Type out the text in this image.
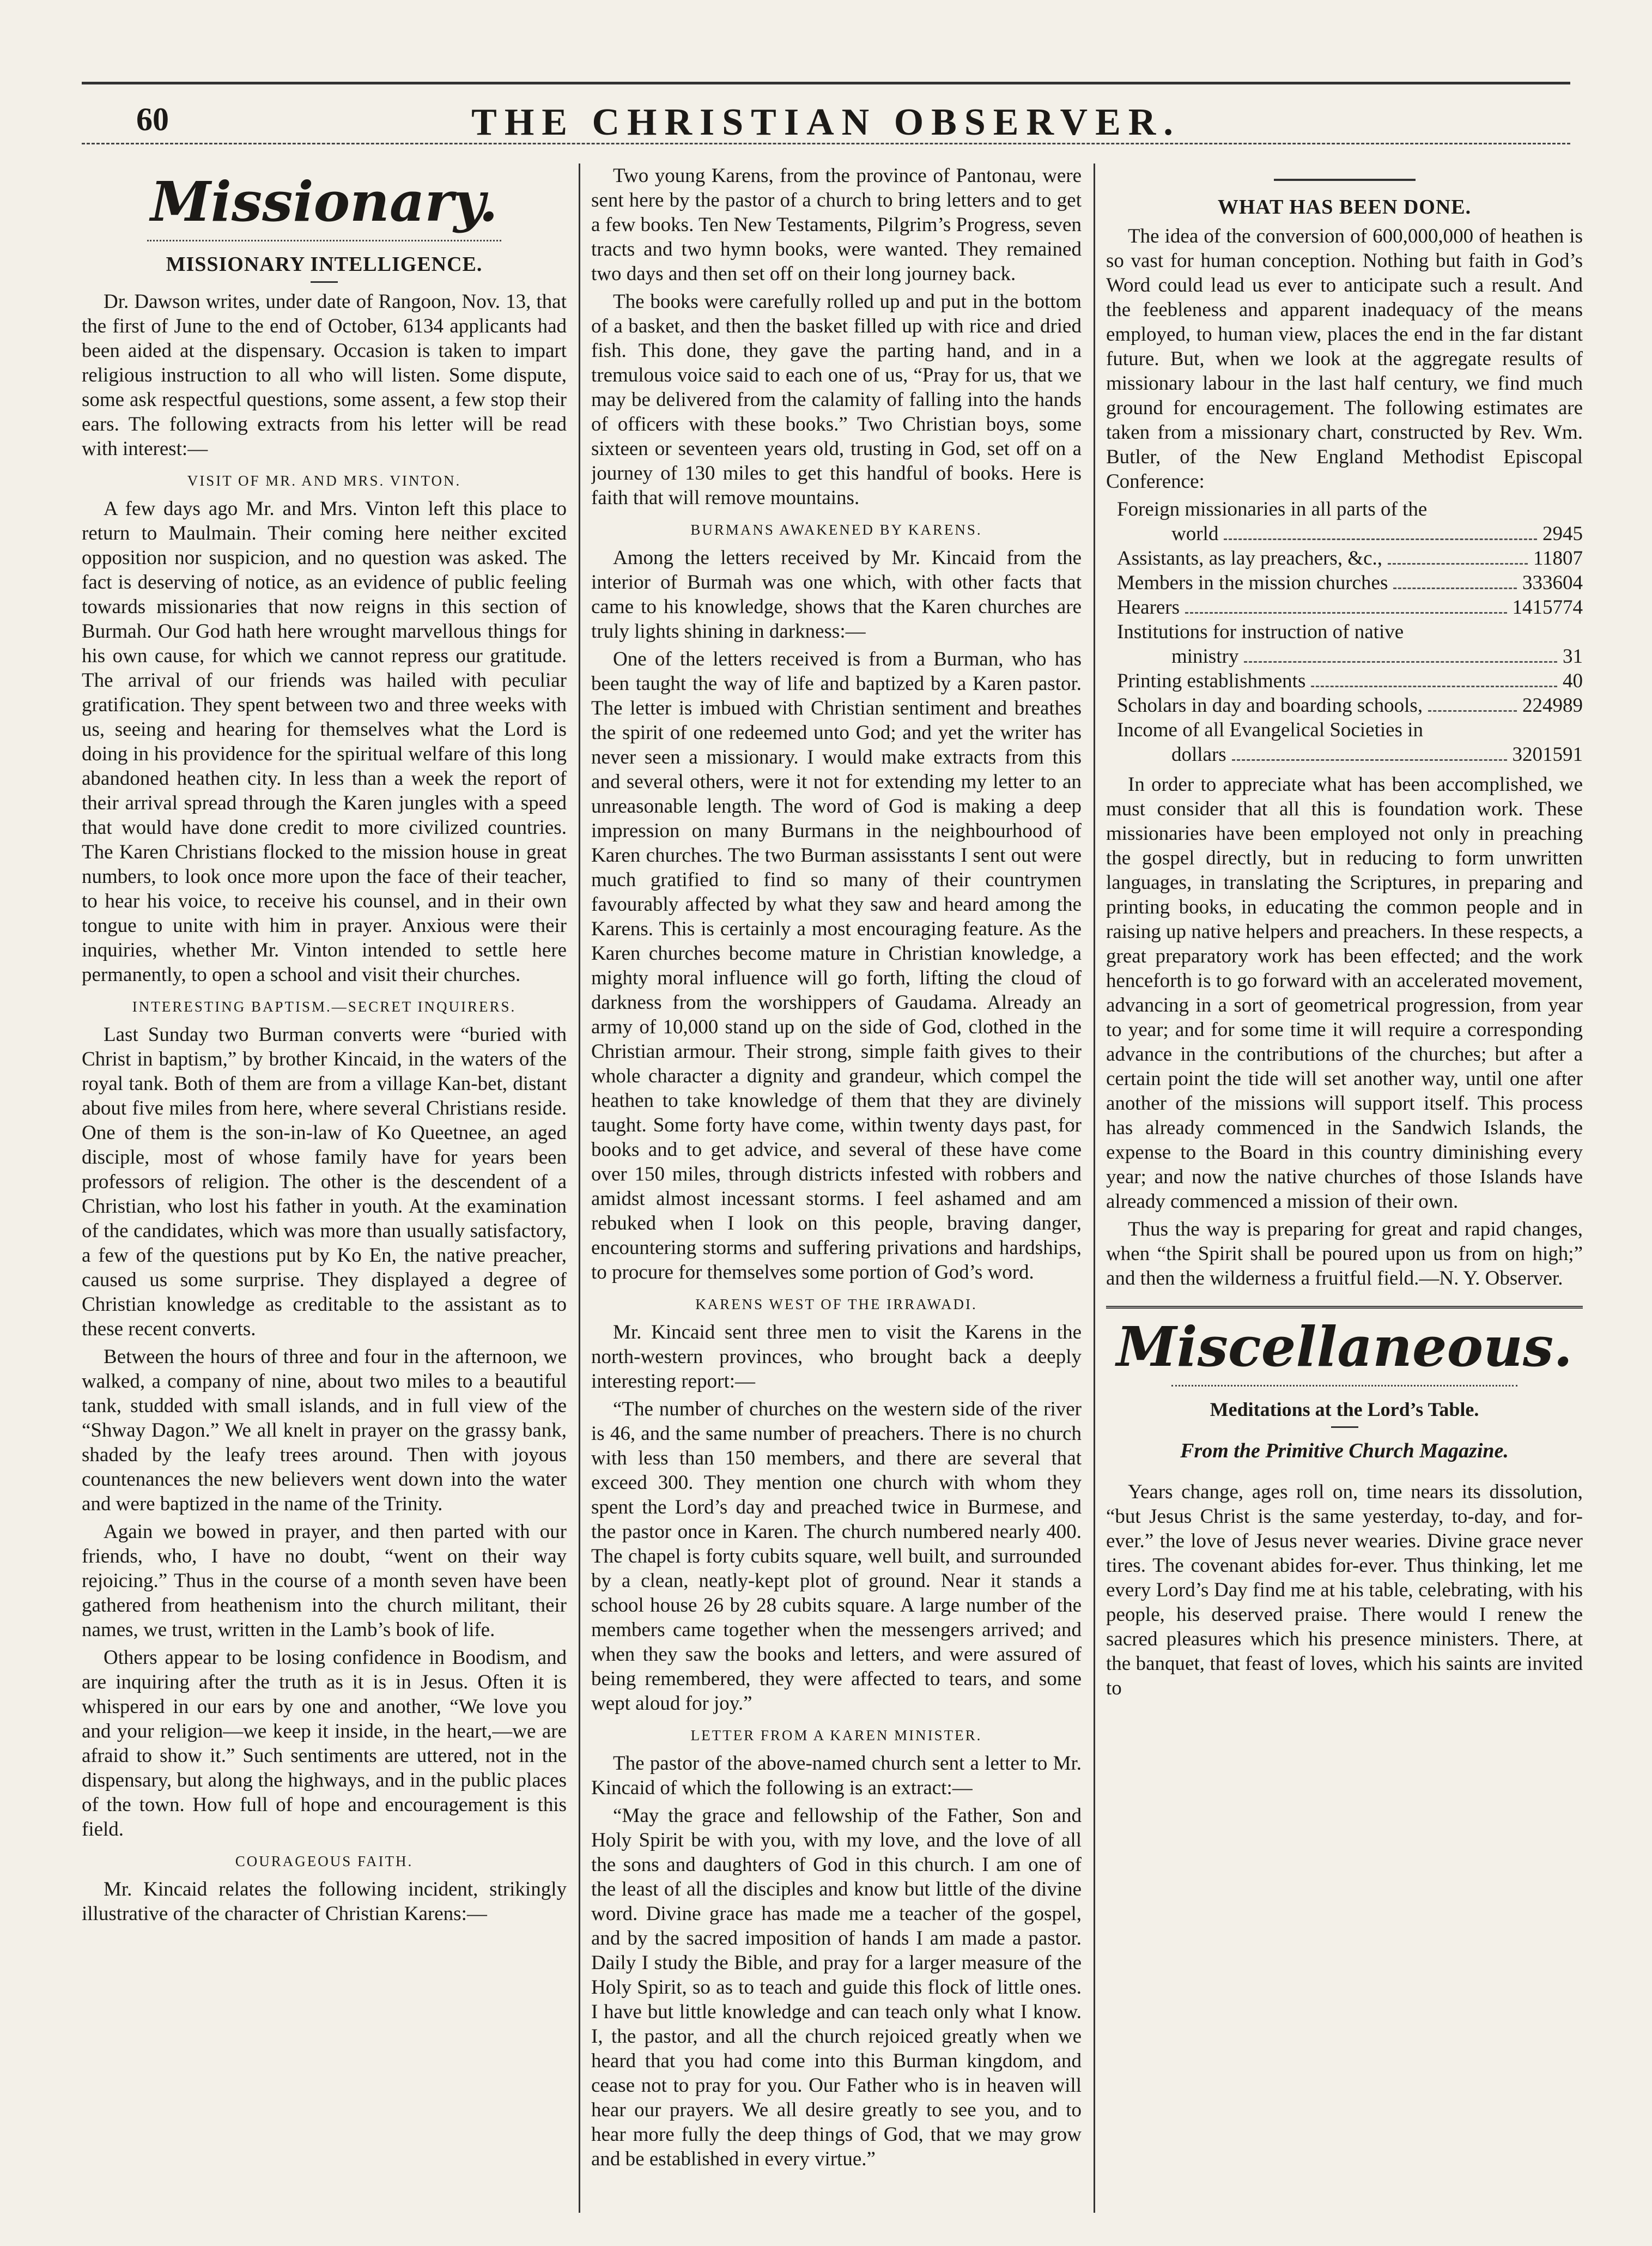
60	THE CHRISTIAN OBSERVER.
Missionary.
MISSIONARY INTELLIGENCE.

Dr. Dawson writes, under date of Rangoon, Nov. 13, that the first of June to the end of October, 6134 applicants had been aided at the dispensary. Occasion is taken to impart religious instruction to all who will listen. Some dispute, some ask respectful questions, some assent, a few stop their ears. The following extracts from his letter will be read with interest:—

VISIT OF MR. AND MRS. VINTON.

A few days ago Mr. and Mrs. Vinton left this place to return to Maulmain. Their coming here neither excited opposition nor suspicion, and no question was asked. The fact is deserving of notice, as an evidence of public feeling towards missionaries that now reigns in this section of Burmah. Our God hath here wrought marvellous things for his own cause, for which we cannot repress our gratitude. The arrival of our friends was hailed with peculiar gratification. They spent between two and three weeks with us, seeing and hearing for themselves what the Lord is doing in his providence for the spiritual welfare of this long abandoned heathen city. In less than a week the report of their arrival spread through the Karen jungles with a speed that would have done credit to more civilized countries. The Karen Christians flocked to the mission house in great numbers, to look once more upon the face of their teacher, to hear his voice, to receive his counsel, and in their own tongue to unite with him in prayer. Anxious were their inquiries, whether Mr. Vinton intended to settle here permanently, to open a school and visit their churches.

INTERESTING BAPTISM.—SECRET INQUIRERS.

Last Sunday two Burman converts were “buried with Christ in baptism,” by brother Kincaid, in the waters of the royal tank. Both of them are from a village Kan-bet, distant about five miles from here, where several Christians reside. One of them is the son-in-law of Ko Queetnee, an aged disciple, most of whose family have for years been professors of religion. The other is the descendent of a Christian, who lost his father in youth. At the examination of the candidates, which was more than usually satisfactory, a few of the questions put by Ko En, the native preacher, caused us some surprise. They displayed a degree of Christian knowledge as creditable to the assistant as to these recent converts.

Between the hours of three and four in the afternoon, we walked, a company of nine, about two miles to a beautiful tank, studded with small islands, and in full view of the “Shway Dagon.” We all knelt in prayer on the grassy bank, shaded by the leafy trees around. Then with joyous countenances the new believers went down into the water and were baptized in the name of the Trinity.

Again we bowed in prayer, and then parted with our friends, who, I have no doubt, “went on their way rejoicing.” Thus in the course of a month seven have been gathered from heathenism into the church militant, their names, we trust, written in the Lamb’s book of life.

Others appear to be losing confidence in Boodism, and are inquiring after the truth as it is in Jesus. Often it is whispered in our ears by one and another, “We love you and your religion—we keep it inside, in the heart,—we are afraid to show it.” Such sentiments are uttered, not in the dispensary, but along the highways, and in the public places of the town. How full of hope and encouragement is this field.

COURAGEOUS FAITH.

Mr. Kincaid relates the following incident, strikingly illustrative of the character of Christian Karens:—

Two young Karens, from the province of Pantonau, were sent here by the pastor of a church to bring letters and to get a few books. Ten New Testaments, Pilgrim’s Progress, seven tracts and two hymn books, were wanted. They remained two days and then set off on their long journey back.

The books were carefully rolled up and put in the bottom of a basket, and then the basket filled up with rice and dried fish. This done, they gave the parting hand, and in a tremulous voice said to each one of us, “Pray for us, that we may be delivered from the calamity of falling into the hands of officers with these books.” Two Christian boys, some sixteen or seventeen years old, trusting in God, set off on a journey of 130 miles to get this handful of books. Here is faith that will remove mountains.

BURMANS AWAKENED BY KARENS.

Among the letters received by Mr. Kincaid from the interior of Burmah was one which, with other facts that came to his knowledge, shows that the Karen churches are truly lights shining in darkness:—

One of the letters received is from a Burman, who has been taught the way of life and baptized by a Karen pastor. The letter is imbued with Christian sentiment and breathes the spirit of one redeemed unto God; and yet the writer has never seen a missionary. I would make extracts from this and several others, were it not for extending my letter to an unreasonable length. The word of God is making a deep impression on many Burmans in the neighbourhood of Karen churches. The two Burman assisstants I sent out were much gratified to find so many of their countrymen favourably affected by what they saw and heard among the Karens. This is certainly a most encouraging feature. As the Karen churches become mature in Christian knowledge, a mighty moral influence will go forth, lifting the cloud of darkness from the worshippers of Gaudama. Already an army of 10,000 stand up on the side of God, clothed in the Christian armour. Their strong, simple faith gives to their whole character a dignity and grandeur, which compel the heathen to take knowledge of them that they are divinely taught. Some forty have come, within twenty days past, for books and to get advice, and several of these have come over 150 miles, through districts infested with robbers and amidst almost incessant storms. I feel ashamed and am rebuked when I look on this people, braving danger, encountering storms and suffering privations and hardships, to procure for themselves some portion of God’s word.

KARENS WEST OF THE IRRAWADI.

Mr. Kincaid sent three men to visit the Karens in the north-western provinces, who brought back a deeply interesting report:—

“The number of churches on the western side of the river is 46, and the same number of preachers. There is no church with less than 150 members, and there are several that exceed 300. They mention one church with whom they spent the Lord’s day and preached twice in Burmese, and the pastor once in Karen. The church numbered nearly 400. The chapel is forty cubits square, well built, and surrounded by a clean, neatly-kept plot of ground. Near it stands a school house 26 by 28 cubits square. A large number of the members came together when the messengers arrived; and when they saw the books and letters, and were assured of being remembered, they were affected to tears, and some wept aloud for joy.”

LETTER FROM A KAREN MINISTER.

The pastor of the above-named church sent a letter to Mr. Kincaid of which the following is an extract:—

“May the grace and fellowship of the Father, Son and Holy Spirit be with you, with my love, and the love of all the sons and daughters of God in this church. I am one of the least of all the disciples and know but little of the divine word. Divine grace has made me a teacher of the gospel, and by the sacred imposition of hands I am made a pastor. Daily I study the Bible, and pray for a larger measure of the Holy Spirit, so as to teach and guide this flock of little ones. I have but little knowledge and can teach only what I know. I, the pastor, and all the church rejoiced greatly when we heard that you had come into this Burman kingdom, and cease not to pray for you. Our Father who is in heaven will hear our prayers. We all desire greatly to see you, and to hear more fully the deep things of God, that we may grow and be established in every virtue.”

WHAT HAS BEEN DONE.

The idea of the conversion of 600,000,000 of heathen is so vast for human conception. Nothing but faith in God’s Word could lead us ever to anticipate such a result. And the feebleness and apparent inadequacy of the means employed, to human view, places the end in the far distant future. But, when we look at the aggregate results of missionary labour in the last half century, we find much ground for encouragement. The following estimates are taken from a missionary chart, constructed by Rev. Wm. Butler, of the New England Methodist Episcopal Conference:

Foreign missionaries in all parts of the
world	2945
Assistants, as lay preachers, &c.,	11807
Members in the mission churches	333604
Hearers	1415774
Institutions for instruction of native
ministry	31
Printing establishments	40
Scholars in day and boarding schools,	224989
Income of all Evangelical Societies in
dollars	3201591

In order to appreciate what has been accomplished, we must consider that all this is foundation work. These missionaries have been employed not only in preaching the gospel directly, but in reducing to form unwritten languages, in translating the Scriptures, in preparing and printing books, in educating the common people and in raising up native helpers and preachers. In these respects, a great preparatory work has been effected; and the work henceforth is to go forward with an accelerated movement, advancing in a sort of geometrical progression, from year to year; and for some time it will require a corresponding advance in the contributions of the churches; but after a certain point the tide will set another way, until one after another of the missions will support itself. This process has already commenced in the Sandwich Islands, the expense to the Board in this country diminishing every year; and now the native churches of those Islands have already commenced a mission of their own.

Thus the way is preparing for great and rapid changes, when “the Spirit shall be poured upon us from on high;” and then the wilderness a fruitful field.—N. Y. Observer.

Miscellaneous.
Meditations at the Lord’s Table.
From the Primitive Church Magazine.

Years change, ages roll on, time nears its dissolution, “but Jesus Christ is the same yesterday, to-day, and for-ever.” the love of Jesus never wearies. Divine grace never tires. The covenant abides for-ever. Thus thinking, let me every Lord’s Day find me at his table, celebrating, with his people, his deserved praise. There would I renew the sacred pleasures which his presence ministers. There, at the banquet, that feast of loves, which his saints are invited to
